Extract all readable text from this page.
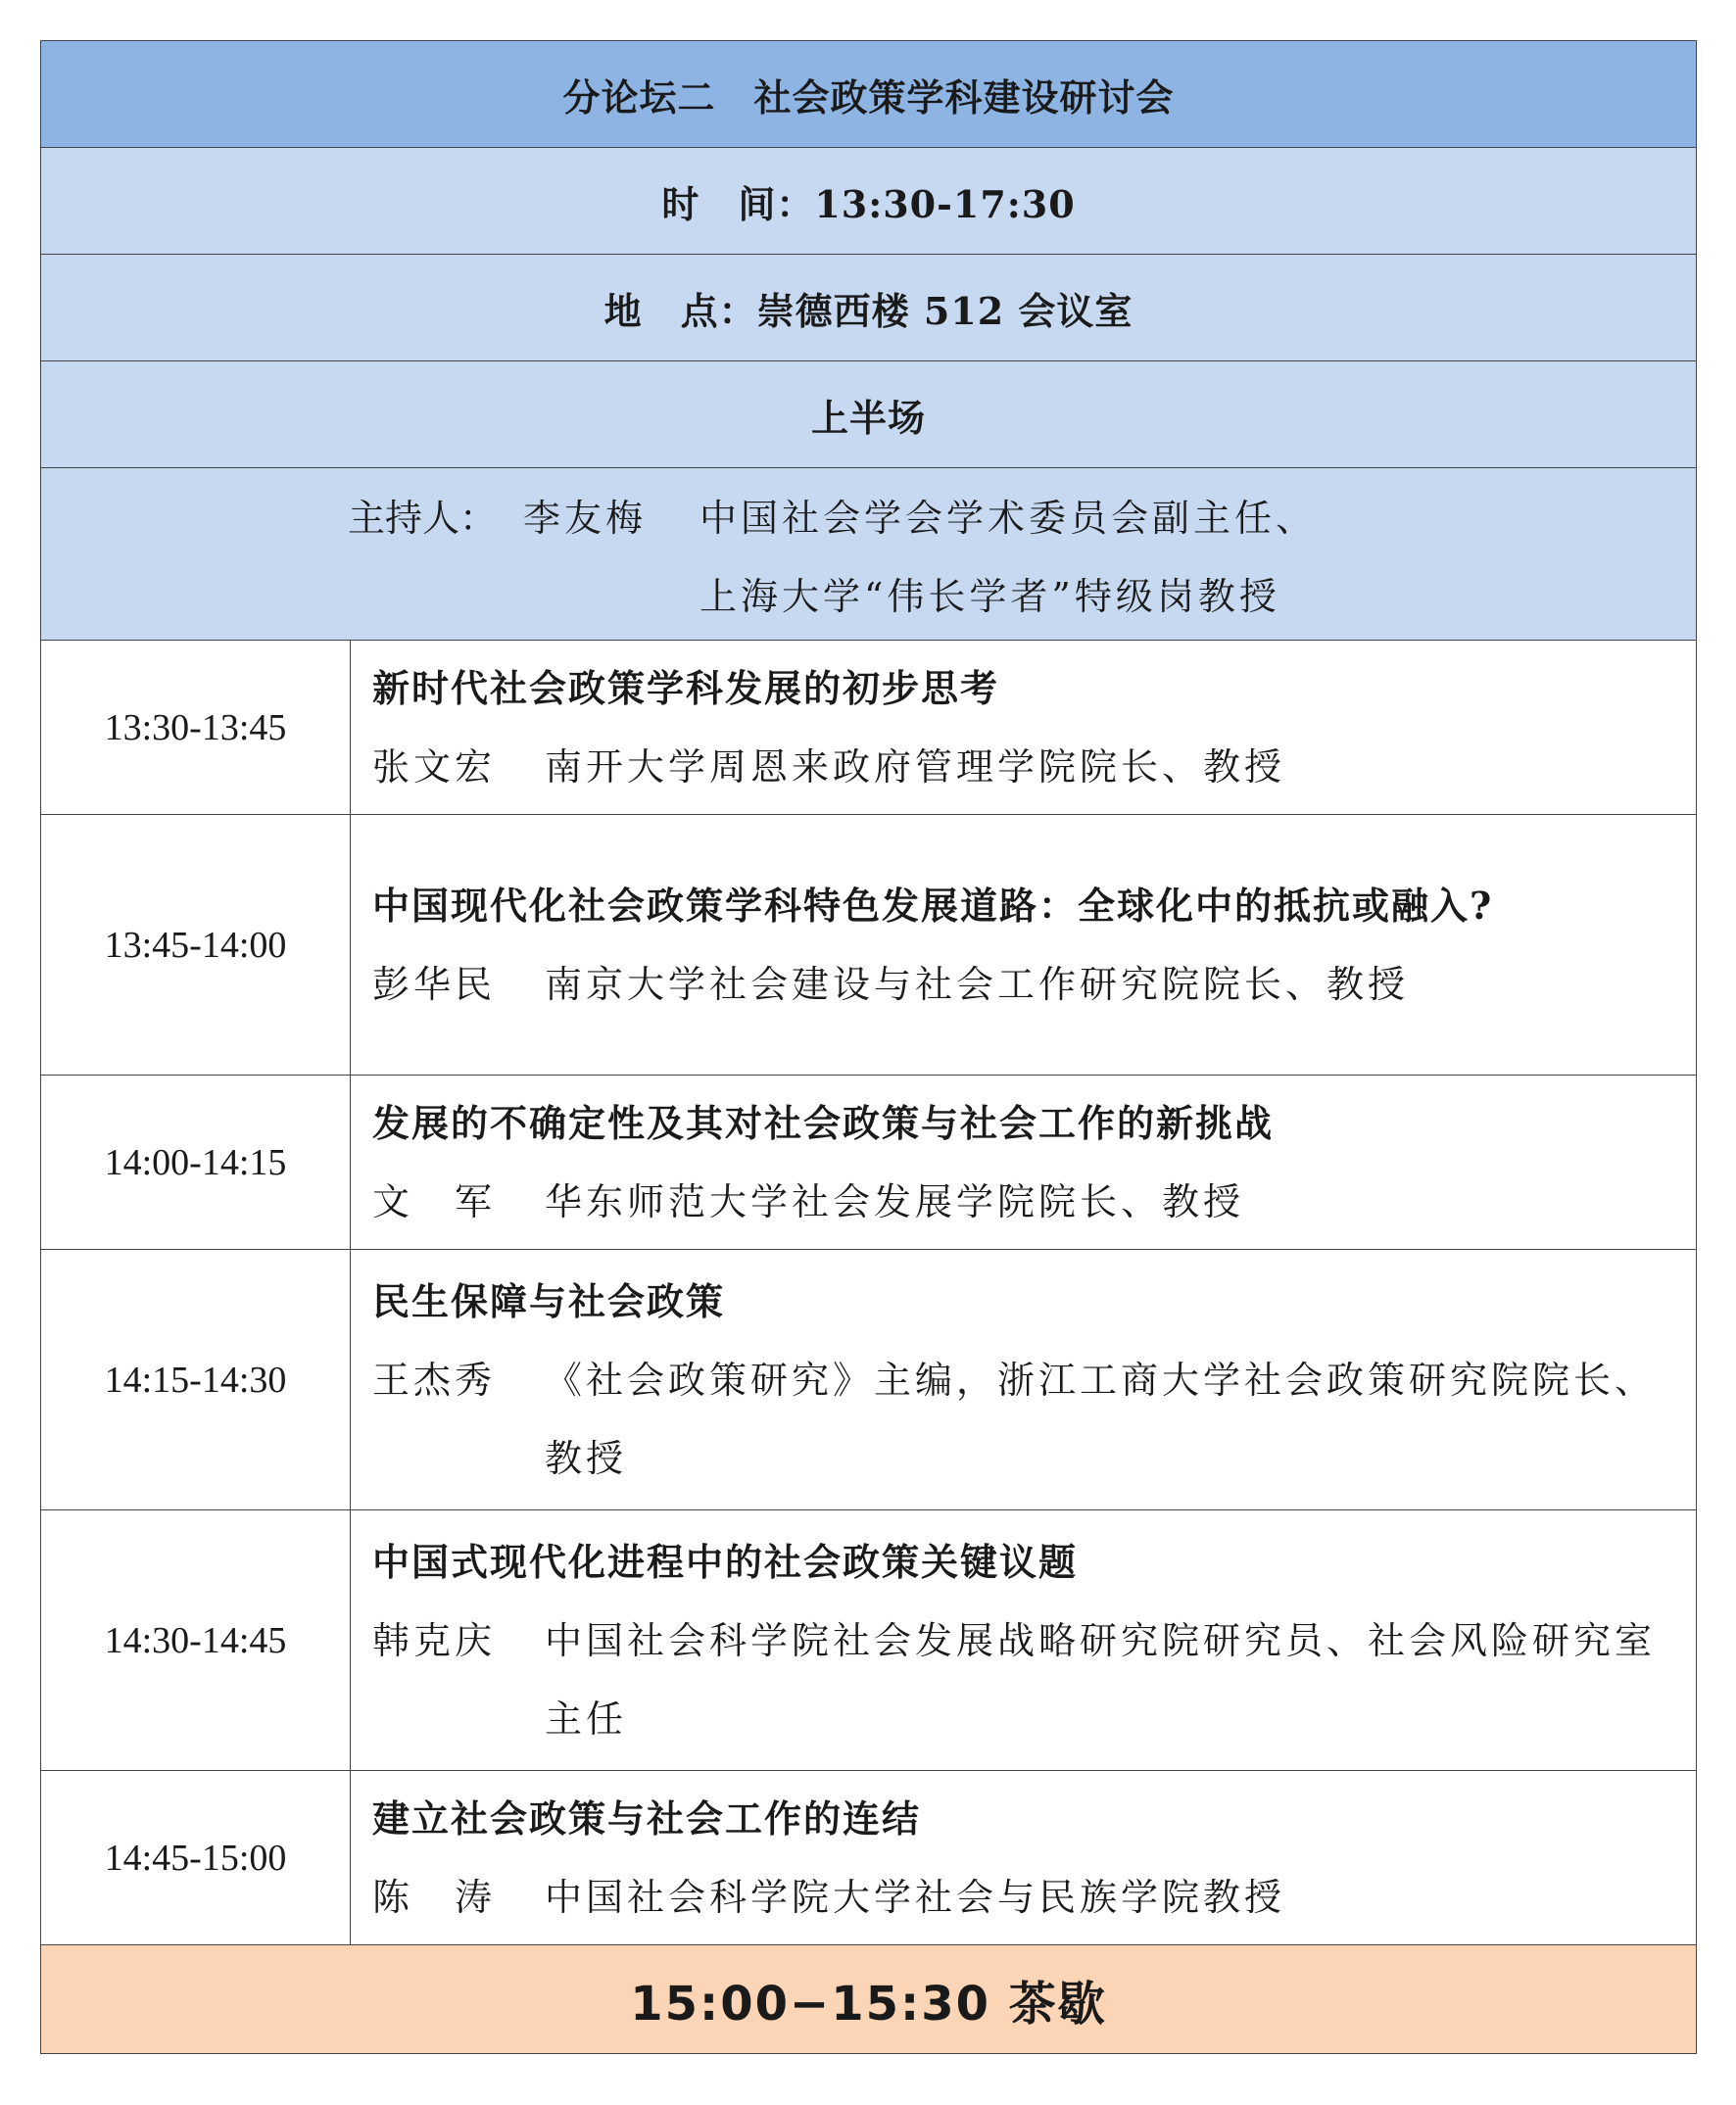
分论坛二　社会政策学科建设研讨会	
时　间：13:30-17:30	
地　点：崇德西楼 512 会议室	
上半场	

主持人： 李友梅 中国社会学会学术委员会副主任、
上海大学“伟长学者”特级岗教授	

13:30-13:45	新时代社会政策学科发展的初步思考
张文宏 南开大学周恩来政府管理学院院长、教授

13:45-14:00	中国现代化社会政策学科特色发展道路：全球化中的抵抗或融入?
彭华民 南京大学社会建设与社会工作研究院院长、教授

14:00-14:15	发展的不确定性及其对社会政策与社会工作的新挑战
文　军 华东师范大学社会发展学院院长、教授

14:15-14:30	民生保障与社会政策
王杰秀 《社会政策研究》主编，浙江工商大学社会政策研究院院长、教授

14:30-14:45	中国式现代化进程中的社会政策关键议题
韩克庆 中国社会科学院社会发展战略研究院研究员、社会风险研究室主任

14:45-15:00	建立社会政策与社会工作的连结
陈　涛 中国社会科学院大学社会与民族学院教授

15:00−15:30 茶歇	
